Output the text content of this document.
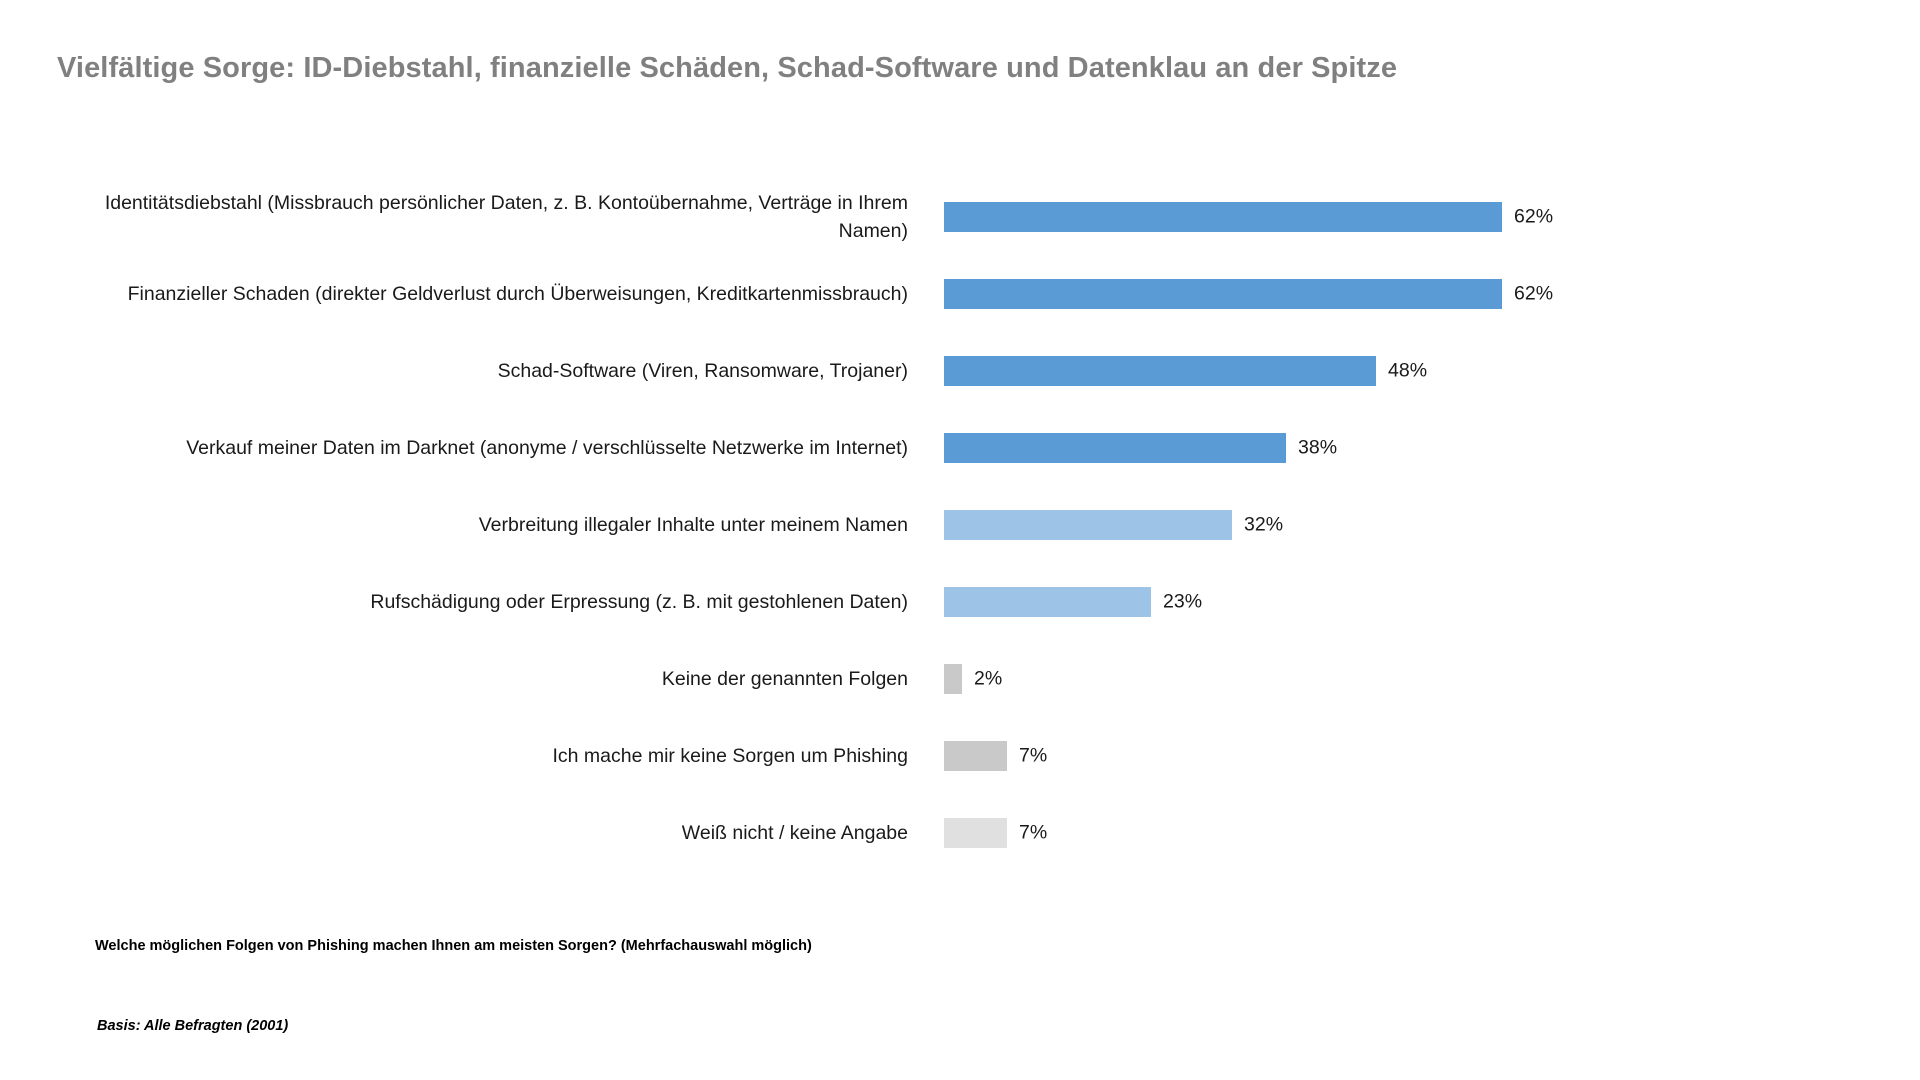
Vielfältige Sorge: ID-Diebstahl, finanzielle Schäden, Schad-Software und Datenklau an der Spitze
Identitätsdiebstahl (Missbrauch persönlicher Daten, z. B. Kontoübernahme, Verträge in Ihrem Namen)
62%
Finanzieller Schaden (direkter Geldverlust durch Überweisungen, Kreditkartenmissbrauch)	62%
Schad-Software (Viren, Ransomware, Trojaner)	48%
Verkauf meiner Daten im Darknet (anonyme / verschlüsselte Netzwerke im Internet)	38%
Verbreitung illegaler Inhalte unter meinem Namen	32%
Rufschädigung oder Erpressung (z. B. mit gestohlenen Daten)	23%
Keine der genannten Folgen	2%
Ich mache mir keine Sorgen um Phishing	7%
Weiß nicht / keine Angabe	7%
Welche möglichen Folgen von Phishing machen Ihnen am meisten Sorgen? (Mehrfachauswahl möglich)
Basis: Alle Befragten (2001)
